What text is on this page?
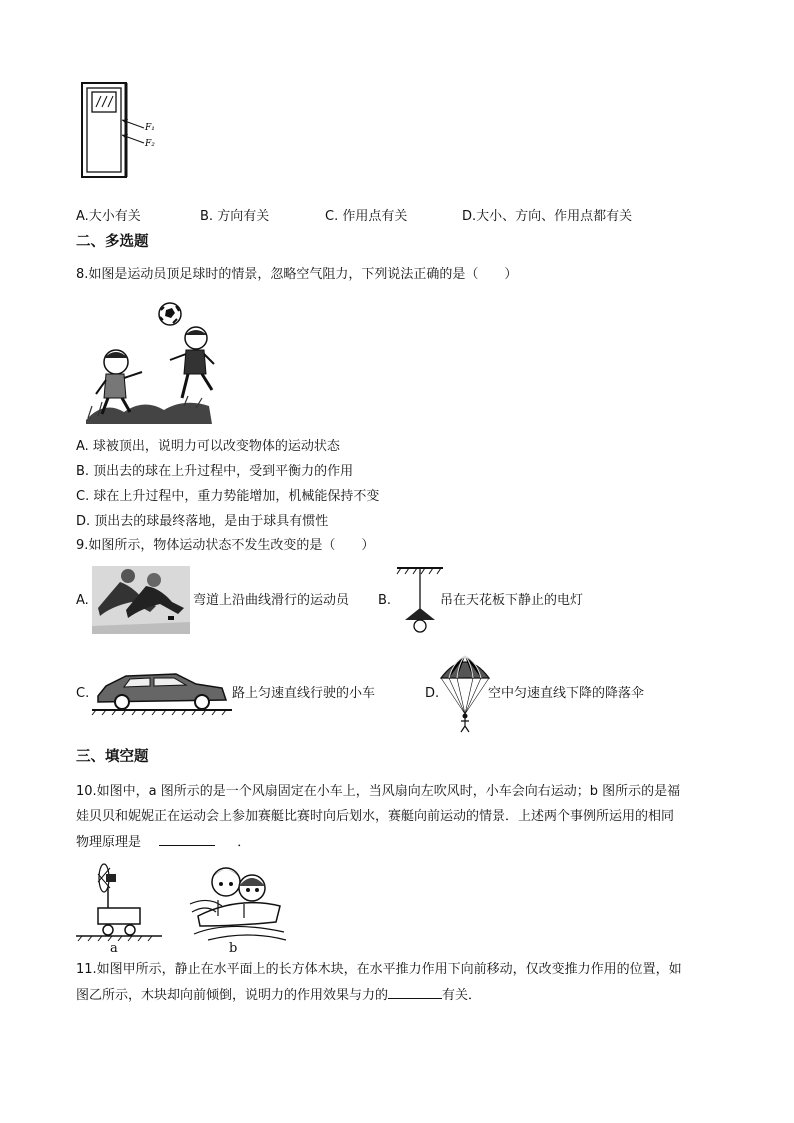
F₁
F₂
A.大小有关	B. 方向有关	C. 作用点有关	D.大小、方向、作用点都有关
二、多选题
8.如图是运动员顶足球时的情景，忽略空气阻力，下列说法正确的是（　　）
A. 球被顶出，说明力可以改变物体的运动状态
B. 顶出去的球在上升过程中，受到平衡力的作用
C. 球在上升过程中，重力势能增加，机械能保持不变
D. 顶出去的球最终落地，是由于球具有惯性
9.如图所示，物体运动状态不发生改变的是（　　）
A.	弯道上沿曲线滑行的运动员 B.	吊在天花板下静止的电灯
C.	路上匀速直线行驶的小车	D.	空中匀速直线下降的降落伞
三、填空题
10.如图中，a 图所示的是一个风扇固定在小车上，当风扇向左吹风时，小车会向右运动；b 图所示的是福
娃贝贝和妮妮正在运动会上参加赛艇比赛时向后划水，赛艇向前运动的情景．上述两个事例所运用的相同
物理原理是	．
a	b
11.如图甲所示，静止在水平面上的长方体木块，在水平推力作用下向前移动，仅改变推力作用的位置，如
图乙所示，木块却向前倾倒，说明力的作用效果与力的	有关．
